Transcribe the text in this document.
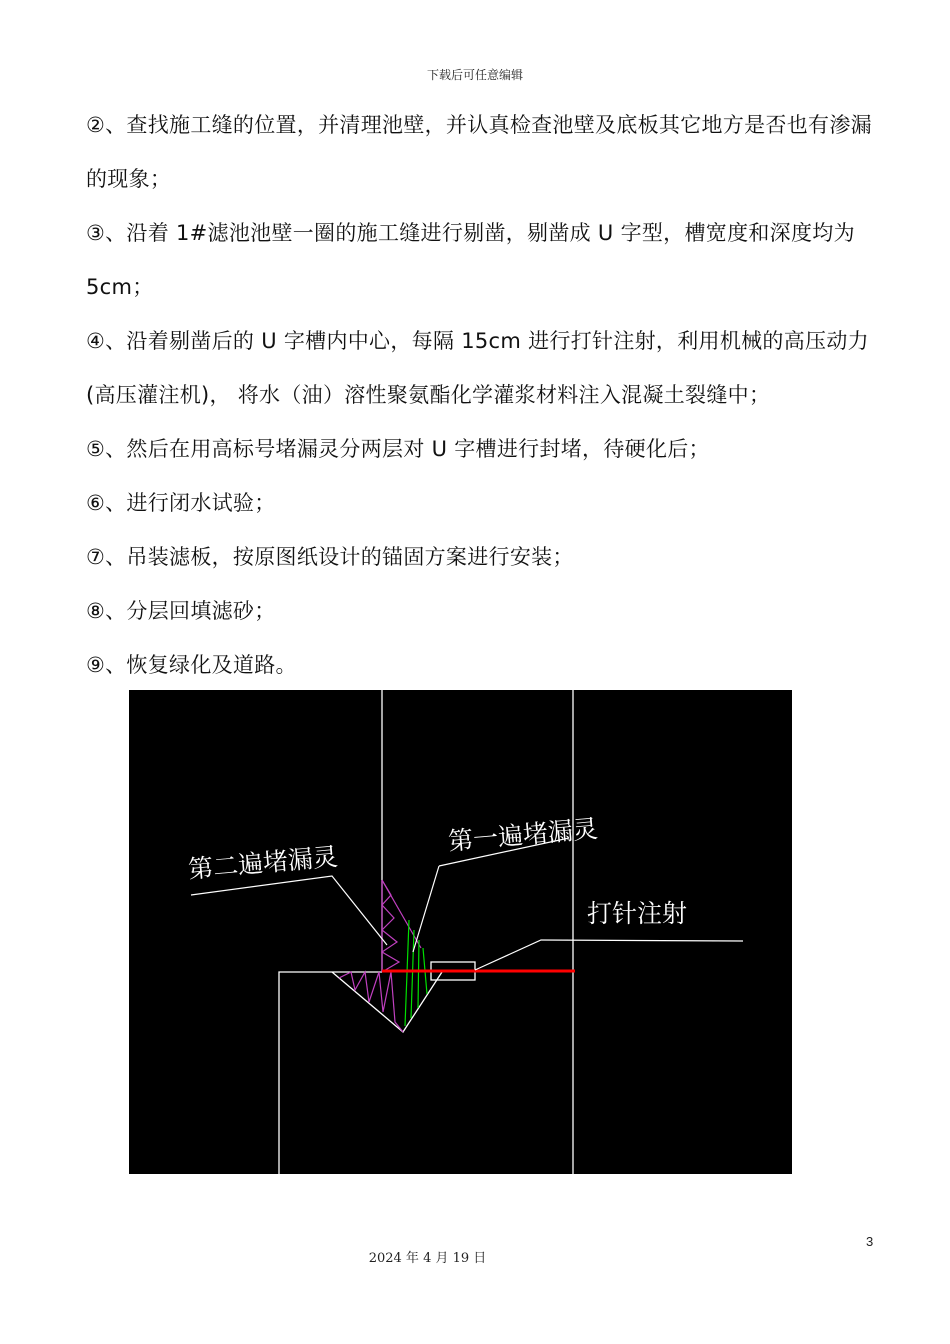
下载后可任意编辑

②、查找施工缝的位置，并清理池壁，并认真检查池壁及底板其它地方是否也有渗漏的现象；

③、沿着 1#滤池池壁一圈的施工缝进行剔凿，剔凿成 U 字型，槽宽度和深度均为 5cm；

④、沿着剔凿后的 U 字槽内中心，每隔 15cm 进行打针注射，利用机械的高压动力(高压灌注机)， 将水（油）溶性聚氨酯化学灌浆材料注入混凝土裂缝中；

⑤、然后在用高标号堵漏灵分两层对 U 字槽进行封堵，待硬化后；

⑥、进行闭水试验；

⑦、吊装滤板，按原图纸设计的锚固方案进行安装；

⑧、分层回填滤砂；

⑨、恢复绿化及道路。

第二遍堵漏灵
第一遍堵漏灵
打针注射
3
2024 年 4 月 19 日
